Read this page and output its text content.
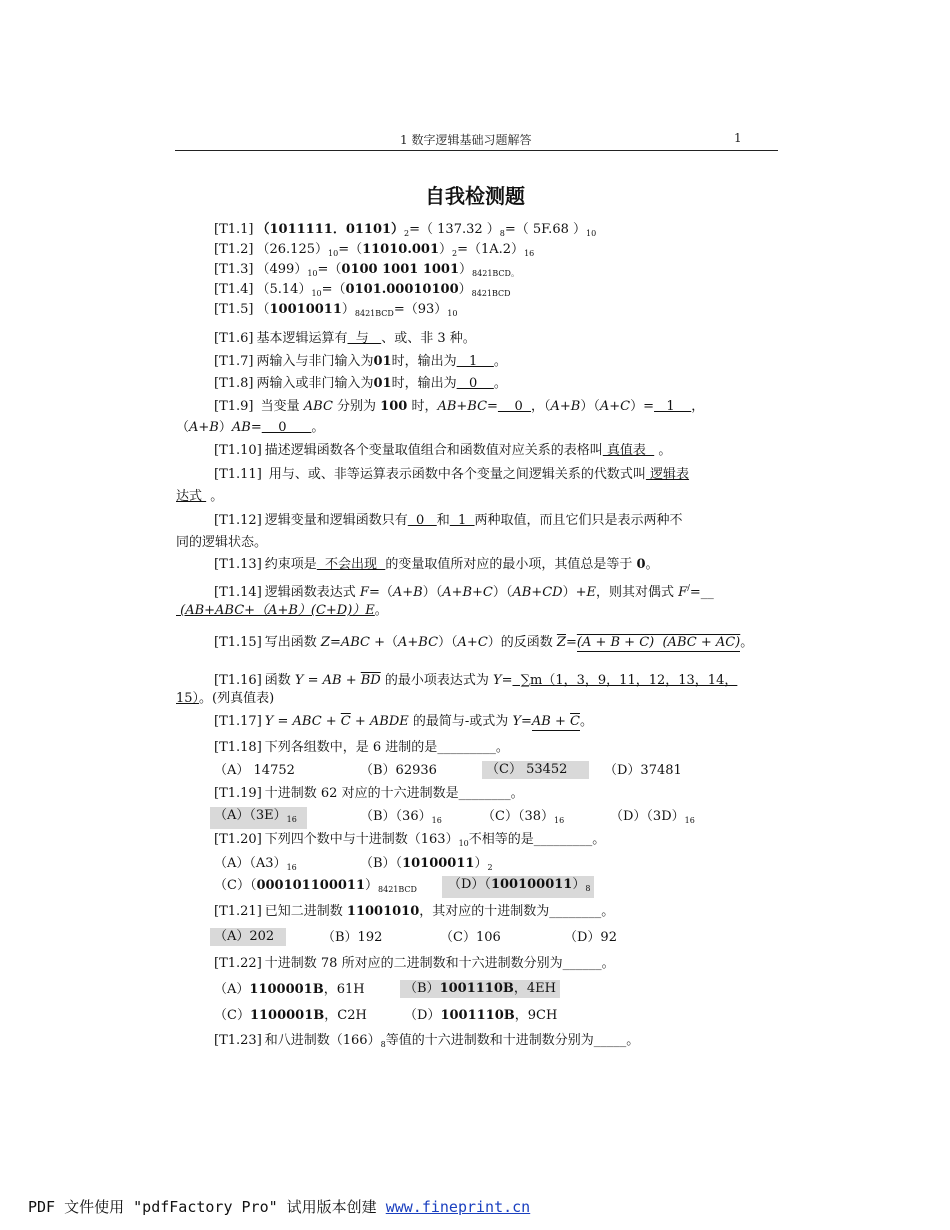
1 数字逻辑基础习题解答	1
自我检测题
[T1.1] （1011111．$01101)_2=$（ 137.32 ）$_8=$（ 5F.68 ）$_{10}$
[T1.2] $(26.125)_{10}=(11010.001)_2=(1A.2)_{16}$
[T1.3] $(499)_{10}=(0100$ 1001 $1001)_{8421BCD。}$
[T1.4] $(5.14)_{10}=(0101.00010100)_{8421BCD}$
[T1.5] $(10010011)_{8421BCD}=(93)_{10}$
[T1.6] 基本逻辑运算有  与   、或、非 3 种。
[T1.7] 两输入与非门输入为01时，输出为   1    。
[T1.8] 两输入或非门输入为01时，输出为   0    。
[T1.9] 当变量 ABC 分别为 100 时，AB+BC=    0  ，（A+B）（A+C）=   1    ，
（A+B）AB=    0      。
[T1.10] 描述逻辑函数各个变量取值组合和函数值对应关系的表格叫 真值表   。
[T1.11] 用与、或、非等运算表示函数中各个变量之间逻辑关系的代数式叫 逻辑表
达式  。
[T1.12] 逻辑变量和逻辑函数只有  0   和  1  两种取值，而且它们只是表示两种不
同的逻辑状态。
[T1.13] 约束项是  不会出现  的变量取值所对应的最小项，其值总是等于 0。
[T1.14] 逻辑函数表达式 F=（A+B）（A+B+C）（AB+CD）+E，则其对偶式 F/=__
(AB+ABC+（A+B）(C+D)）E。
[T1.15] 写出函数 Z=ABC +（A+BC）（A+C）的反函数 $\overline{Z}=(A + B + C) (ABC + AC)$。
[T1.16] 函数 Y = AB + $\overline{BD}$ 的最小项表达式为 Y=  ∑m（1，3，9，11，12，13，14，
15）。(列真值表)
[T1.17] Y = ABC + $\overline{C}$ + ABDE 的最简与-或式为 $Y=AB + \overline{C}$。
[T1.18] 下列各组数中，是 6 进制的是_________。
（A） 14752	（B）62936	（C） 53452	（D）37481
[T1.19] 十进制数 62 对应的十六进制数是________。
$(A)(3E)_{16}$	$(B)(36)_{16}$	$(C)(38)_{16}$	$(D)(3D)_{16}$
[T1.20] 下列四个数中与十进制数$(163)_{10}$不相等的是_________。
$(A)(A3)_{16}$	$(B)(10100011)_2$
$(C)(000101100011)_{8421BCD}$	$(D)(100100011)_8$
[T1.21] 已知二进制数 11001010，其对应的十进制数为________。
（A）202	（B）192	（C）106	（D）92
[T1.22] 十进制数 78 所对应的二进制数和十六进制数分别为______。
（A）1100001B，61H	（B）1001110B，4EH
（C）1100001B，C2H	（D）1001110B，9CH
[T1.23] 和八进制数$(166)_8$等值的十六进制数和十进制数分别为_____。
PDF 文件使用 "pdfFactory Pro" 试用版本创建 www.fineprint.cn
